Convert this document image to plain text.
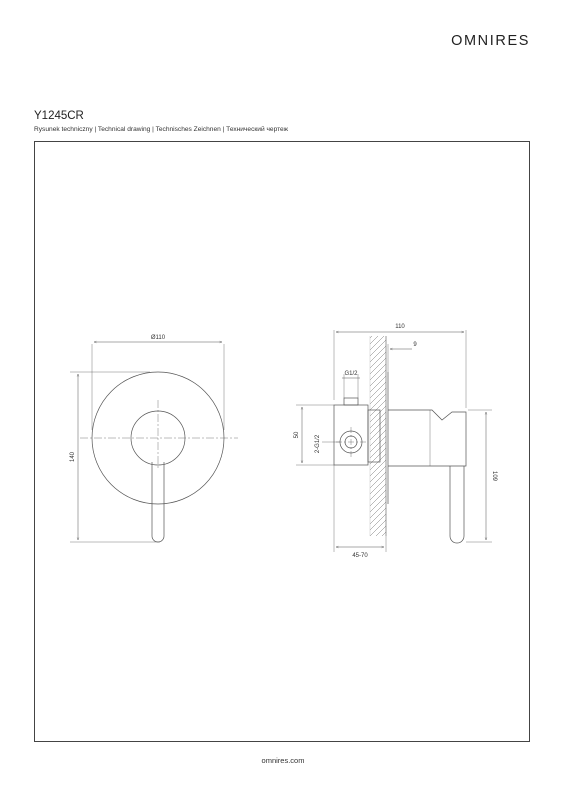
OMNIRES
Y1245CR
Rysunek techniczny | Technical drawing | Technisches Zeichnen | Технический чертеж
Ø110
140
110
9
G1/2
50	2-G1/2
109
45-70
omnires.com
